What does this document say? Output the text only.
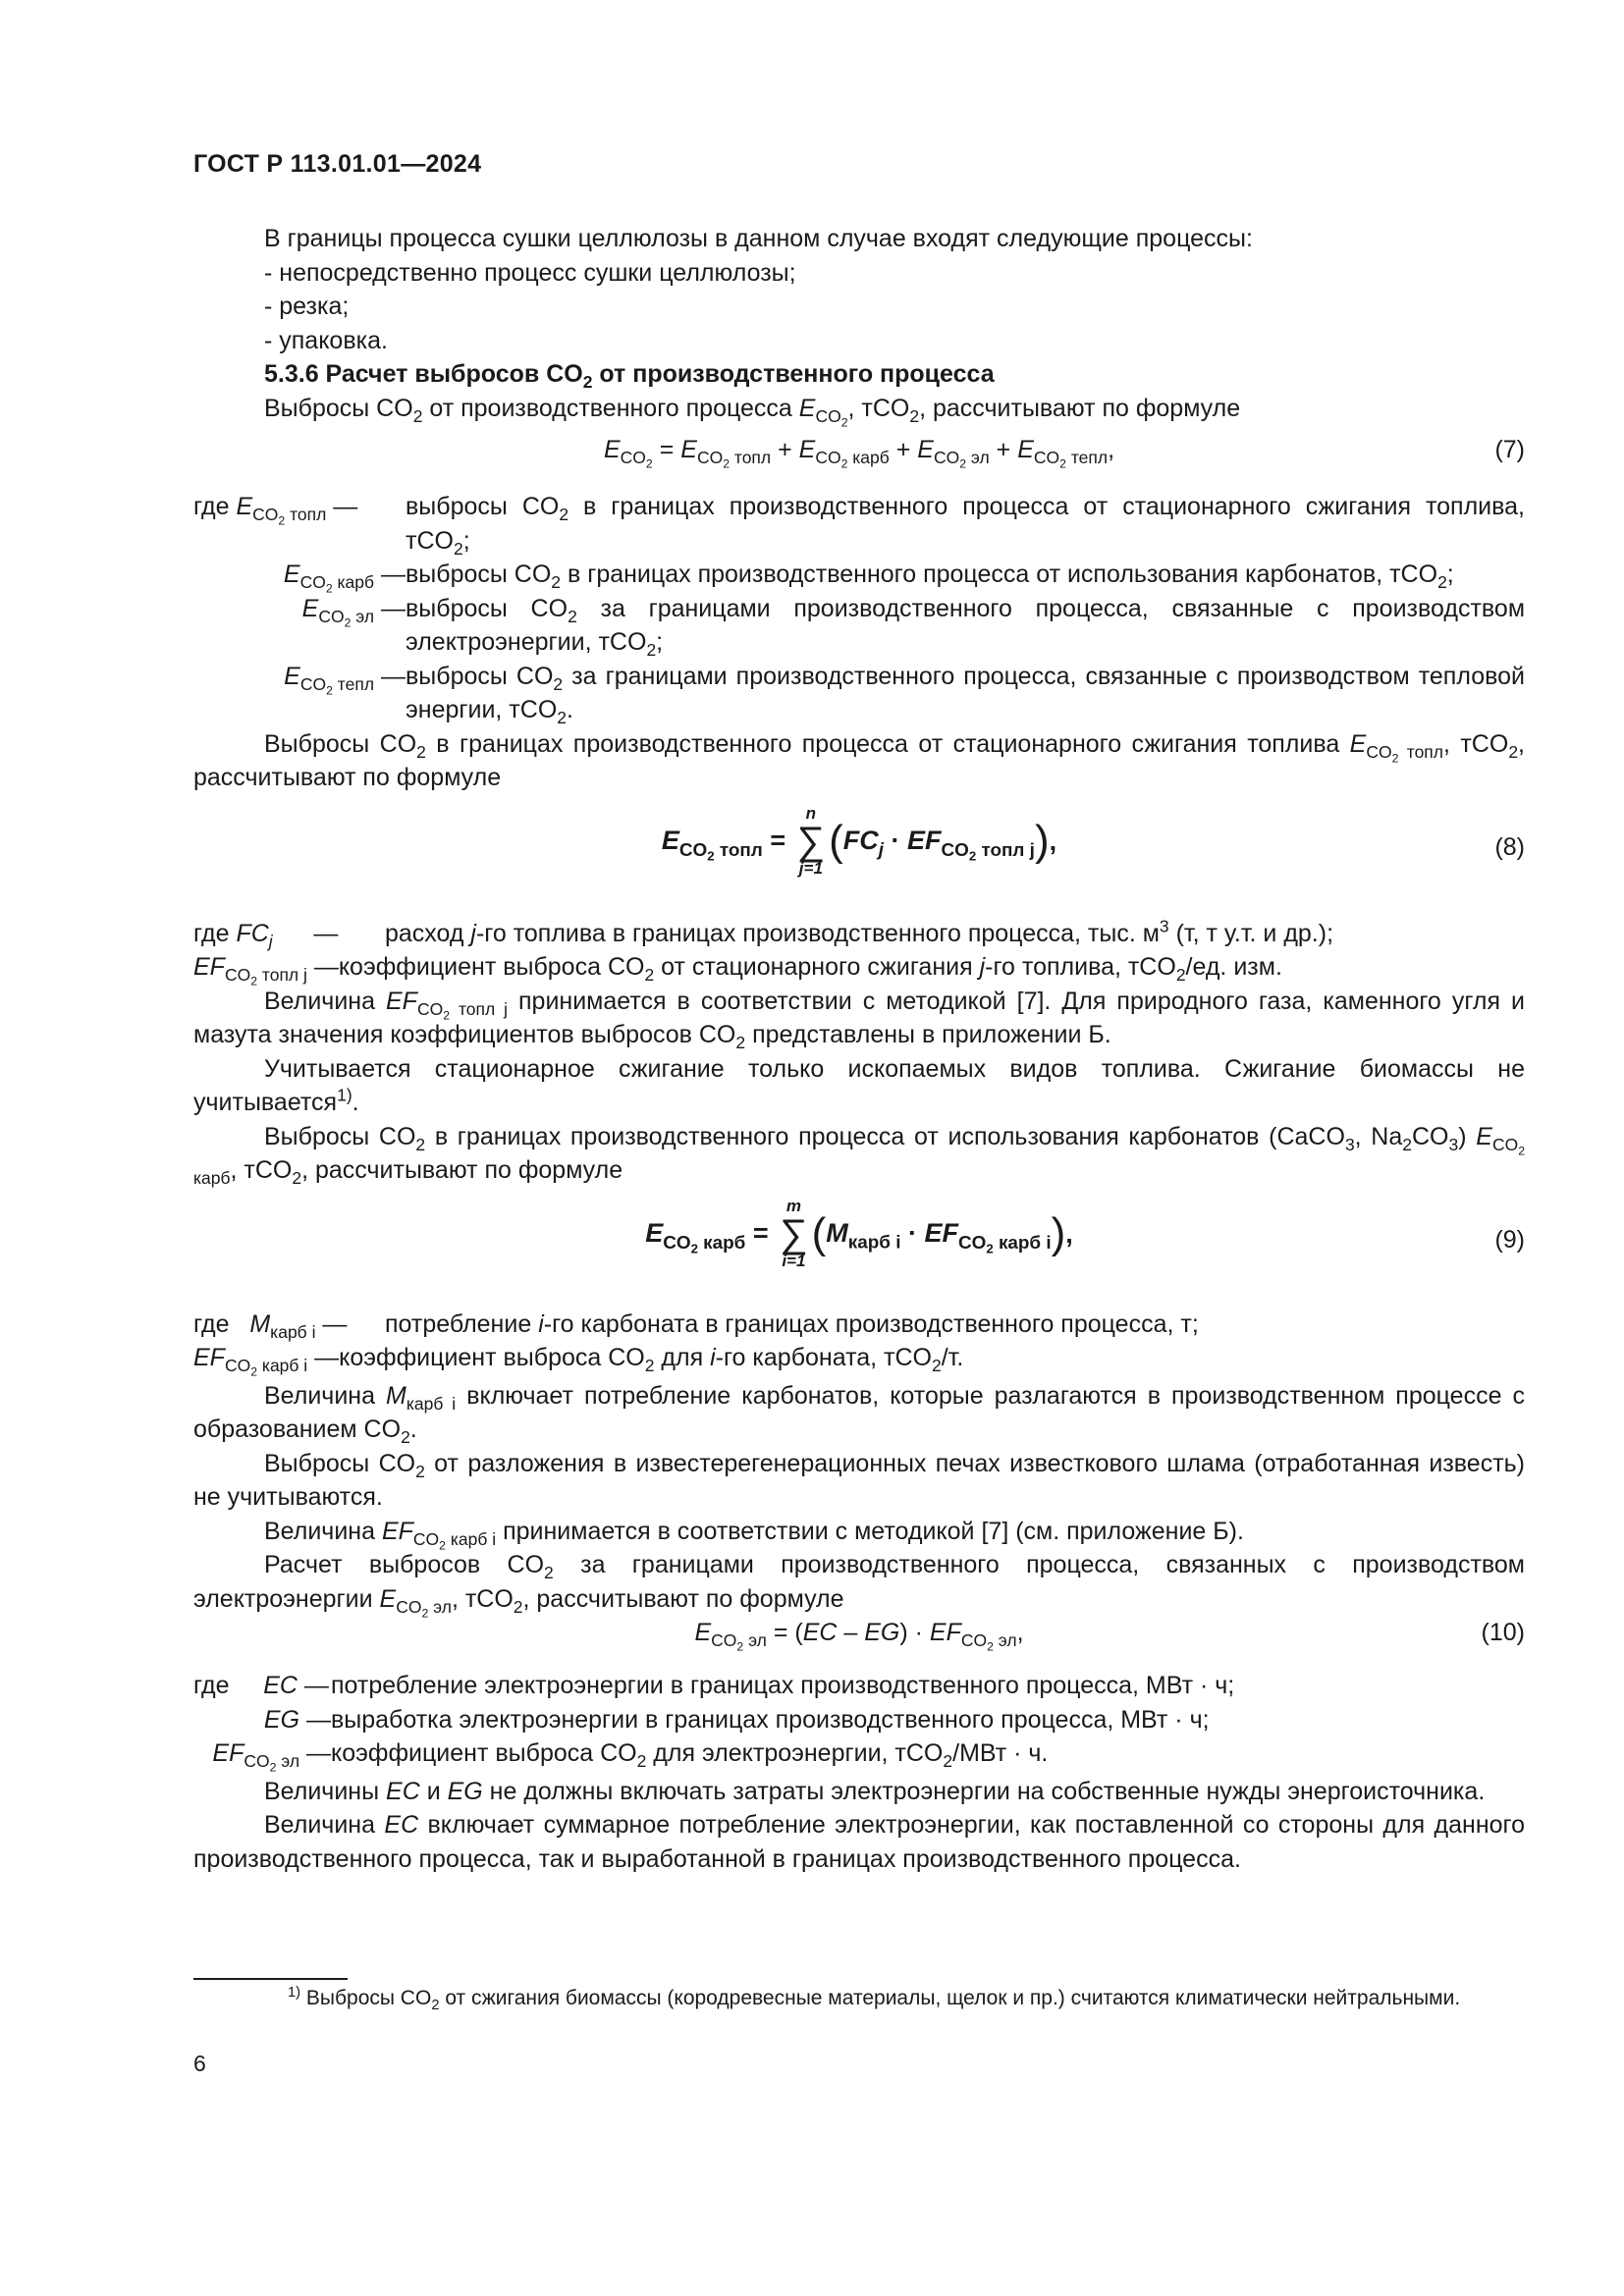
ГОСТ Р 113.01.01—2024

В границы процесса сушки целлюлозы в данном случае входят следующие процессы:

- непосредственно процесс сушки целлюлозы;

- резка;

- упаковка.

5.3.6 Расчет выбросов $CO_2$ от производственного процесса

Выбросы $CO_2$ от производственного процесса $E_{CO_2}$, тCO$_2$, рассчитывают по формуле

$E_{CO_2} = E_{CO_2 топл} + E_{CO_2 карб} + E_{CO_2 эл} + E_{CO_2 тепл}$,	(7)
где $E_{CO_2 топл}$ —	выбросы $CO_2$ в границах производственного процесса от стационарного сжигания топлива, тCO$_2$;
$E_{CO_2 карб}$ — выбросы $CO_2$ в границах производственного процесса от использования карбонатов, тCO$_2$;
$E_{CO_2 эл}$ — выбросы $CO_2$ за границами производственного процесса, связанные с производством электроэнергии, тCO$_2$;
$E_{CO_2 тепл}$ — выбросы $CO_2$ за границами производственного процесса, связанные с производством тепловой энергии, тCO$_2$.

Выбросы $CO_2$ в границах производственного процесса от стационарного сжигания топлива $E_{CO_2 топл}$, тCO$_2$, рассчитывают по формуле

$E_{CO_2 топл}$ =
n
∑
j=1
$(FC_j \cdot EF_{CO_2 топл j})$,	(8)
где $FC_j$      —	расход j-го топлива в границах производственного процесса, тыс. $м^3$ (т, т у.т. и др.);
$EF_{CO_2 топл j}$ — коэффициент выброса $CO_2$ от стационарного сжигания j-го топлива, тCO$_2$/ед. изм.

Величина $EF_{CO_2 топл j}$ принимается в соответствии с методикой [7]. Для природного газа, каменного угля и мазута значения коэффициентов выбросов $CO_2$ представлены в приложении Б.

Учитывается стационарное сжигание только ископаемых видов топлива. Сжигание биомассы не учитывается$^{1)}$.

Выбросы $CO_2$ в границах производственного процесса от использования карбонатов (CaCO$_3$, $Na_2CO_3$) $E_{CO_2 карб}$, тCO$_2$, рассчитывают по формуле

$E_{CO_2 карб}$ =
m
∑
i=1
$(M_{карб i} \cdot EF_{CO_2 карб i})$,	(9)
где   $M_{карб i}$ —	потребление i-го карбоната в границах производственного процесса, т;
$EF_{CO_2 карб i}$ — коэффициент выброса $CO_2$ для i-го карбоната, тCO$_2$/т.

Величина $M_{карб i}$ включает потребление карбонатов, которые разлагаются в производственном процессе с образованием $CO_2$.

Выбросы $CO_2$ от разложения в известерегенерационных печах известкового шлама (отработанная известь) не учитываются.

Величина $EF_{CO_2 карб i}$ принимается в соответствии с методикой [7] (см. приложение Б).

Расчет выбросов $CO_2$ за границами производственного процесса, связанных с производством электроэнергии $E_{CO_2 эл}$, тCO$_2$, рассчитывают по формуле

$E_{CO_2 эл} = (EC - EG) \cdot EF_{CO_2 эл}$,	(10)
где     EC — потребление электроэнергии в границах производственного процесса, МВт · ч;
EG — выработка электроэнергии в границах производственного процесса, МВт · ч;
$EF_{CO_2 эл}$ — коэффициент выброса $CO_2$ для электроэнергии, тCO$_2$/МВт · ч.

Величины EC и EG не должны включать затраты электроэнергии на собственные нужды энергоисточника.

Величина EC включает суммарное потребление электроэнергии, как поставленной со стороны для данного производственного процесса, так и выработанной в границах производственного процесса.

$^{1)}$ Выбросы $CO_2$ от сжигания биомассы (кородревесные материалы, щелок и пр.) считаются климатически нейтральными.
6
